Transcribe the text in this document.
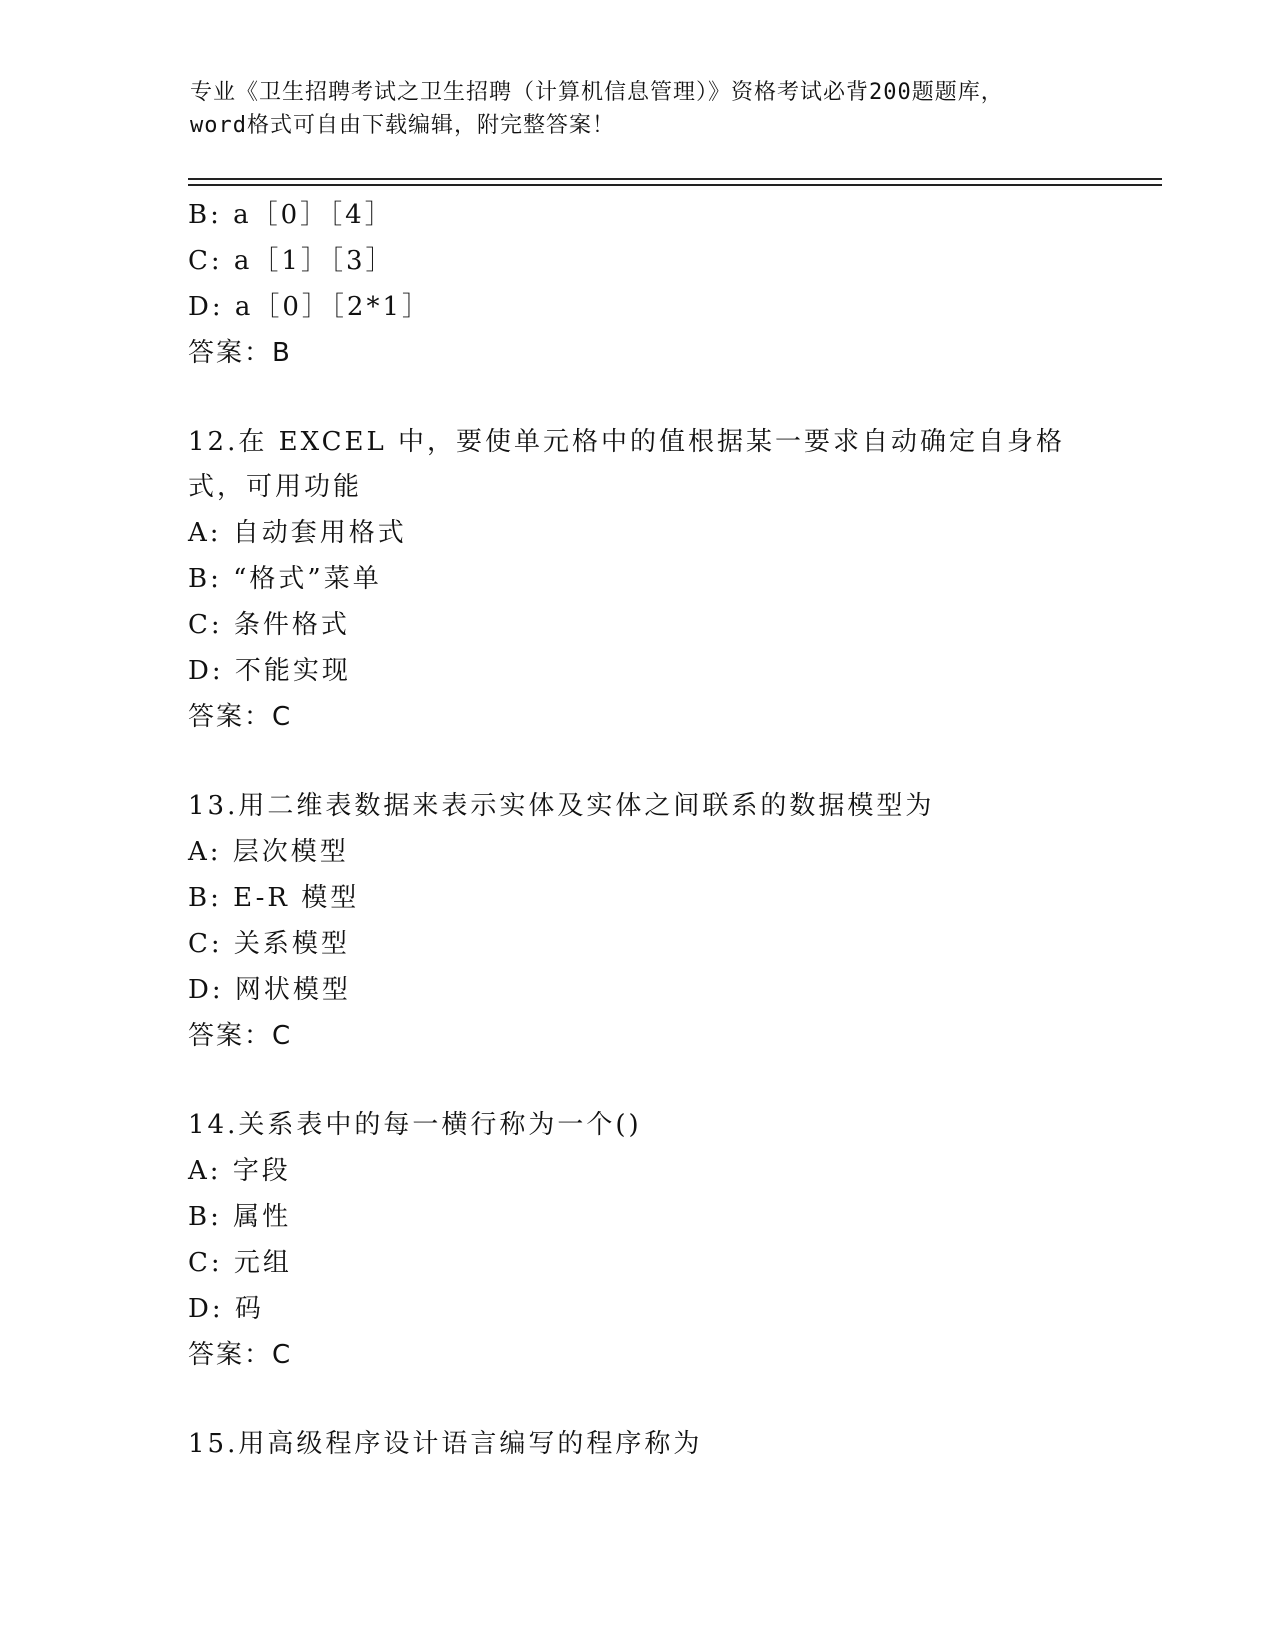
专业《卫生招聘考试之卫生招聘（计算机信息管理）》资格考试必背200题题库，
word格式可自由下载编辑，附完整答案！
B: a［0］［4］
C: a［1］［3］
D: a［0］［2*1］
答案：B
12.在 EXCEL 中，要使单元格中的值根据某一要求自动确定自身格式，可用功能
A: 自动套用格式
B: “格式”菜单
C: 条件格式
D: 不能实现
答案：C
13.用二维表数据来表示实体及实体之间联系的数据模型为
A: 层次模型
B: E-R 模型
C: 关系模型
D: 网状模型
答案：C
14.关系表中的每一横行称为一个()
A: 字段
B: 属性
C: 元组
D: 码
答案：C
15.用高级程序设计语言编写的程序称为
